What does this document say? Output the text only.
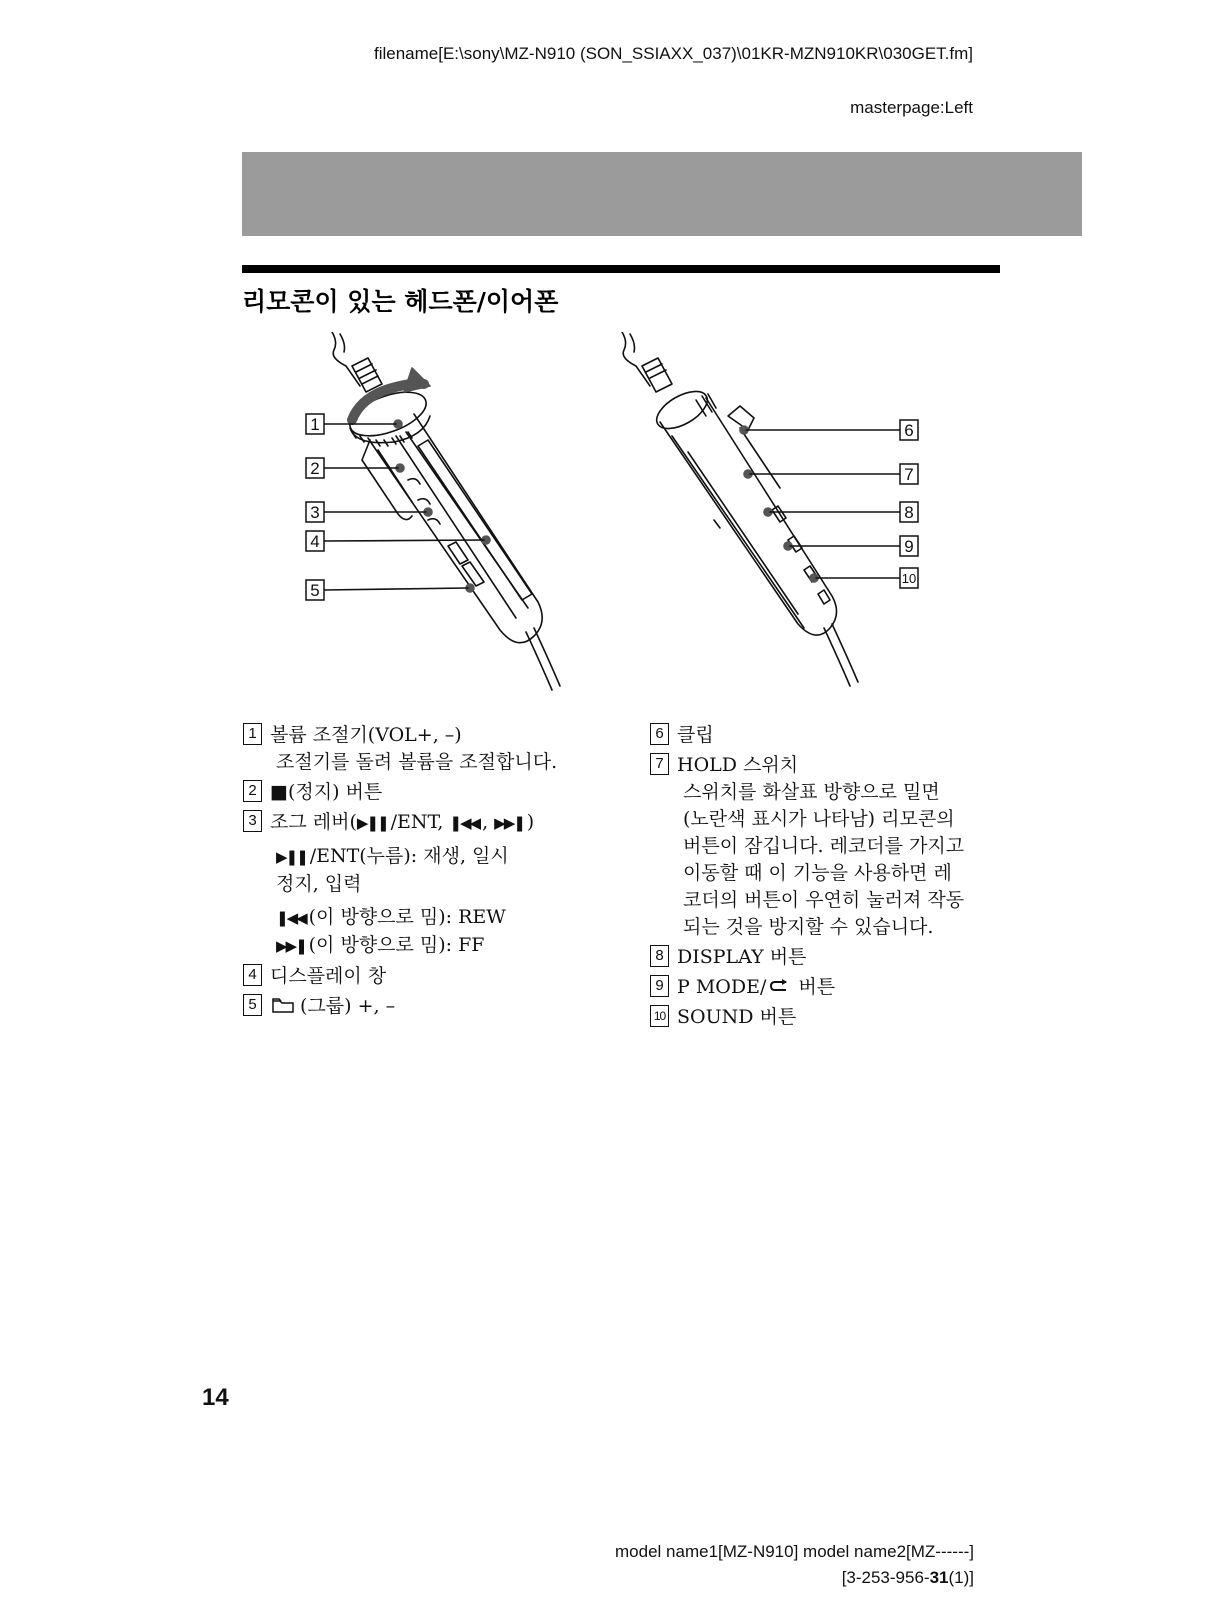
filename[E:\sony\MZ-N910 (SON_SSIAXX_037)\01KR-MZN910KR\030GET.fm]
masterpage:Left
리모콘이 있는 헤드폰/이어폰
1
2
3
4
5
6
7
8
9
10
1 볼륨 조절기(VOL+, –)
조절기를 돌려 볼륨을 조절합니다.
2 ■(정지) 버튼
3 조그 레버(▶❚❚ /ENT, ❚◀◀ , ▶▶❚ )
▶❚❚ /ENT(누름): 재생, 일시
정지, 입력
❚◀◀ (이 방향으로 밈): REW
▶▶❚ (이 방향으로 밈): FF
4 디스플레이 창
5 (그룹) +, –
6 클립
7 HOLD 스위치
스위치를 화살표 방향으로 밀면
(노란색 표시가 나타남) 리모콘의
버튼이 잠깁니다. 레코더를 가지고
이동할 때 이 기능을 사용하면 레
코더의 버튼이 우연히 눌러져 작동
되는 것을 방지할 수 있습니다.
8 DISPLAY 버튼
9 P MODE/ 버튼
10 SOUND 버튼
14
model name1[MZ-N910] model name2[MZ------]
[3-253-956-31(1)]
